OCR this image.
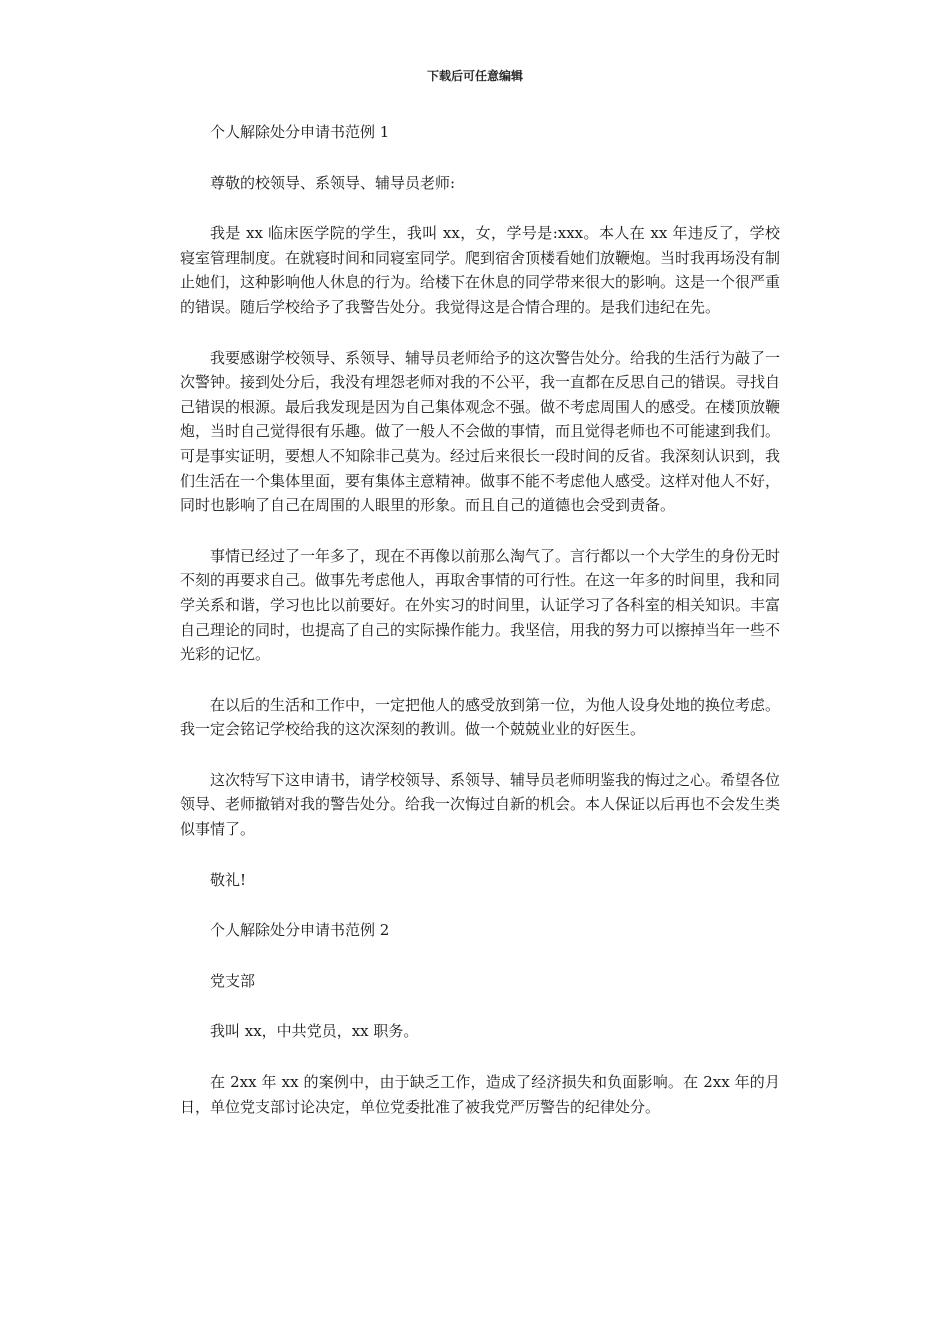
下载后可任意编辑

个人解除处分申请书范例 1

尊敬的校领导、系领导、辅导员老师:

我是 xx 临床医学院的学生，我叫 xx，女，学号是:xxx。本人在 xx 年违反了，学校寝室管理制度。在就寝时间和同寝室同学。爬到宿舍顶楼看她们放鞭炮。当时我再场没有制止她们，这种影响他人休息的行为。给楼下在休息的同学带来很大的影响。这是一个很严重的错误。随后学校给予了我警告处分。我觉得这是合情合理的。是我们违纪在先。

我要感谢学校领导、系领导、辅导员老师给予的这次警告处分。给我的生活行为敲了一次警钟。接到处分后，我没有埋怨老师对我的不公平，我一直都在反思自己的错误。寻找自己错误的根源。最后我发现是因为自己集体观念不强。做不考虑周围人的感受。在楼顶放鞭炮，当时自己觉得很有乐趣。做了一般人不会做的事情，而且觉得老师也不可能逮到我们。可是事实证明，要想人不知除非己莫为。经过后来很长一段时间的反省。我深刻认识到，我们生活在一个集体里面，要有集体主意精神。做事不能不考虑他人感受。这样对他人不好，同时也影响了自己在周围的人眼里的形象。而且自己的道德也会受到责备。

事情已经过了一年多了，现在不再像以前那么淘气了。言行都以一个大学生的身份无时不刻的再要求自己。做事先考虑他人，再取舍事情的可行性。在这一年多的时间里，我和同学关系和谐，学习也比以前要好。在外实习的时间里，认证学习了各科室的相关知识。丰富自己理论的同时，也提高了自己的实际操作能力。我坚信，用我的努力可以擦掉当年一些不光彩的记忆。

在以后的生活和工作中，一定把他人的感受放到第一位，为他人设身处地的换位考虑。我一定会铭记学校给我的这次深刻的教训。做一个兢兢业业的好医生。

这次特写下这申请书，请学校领导、系领导、辅导员老师明鉴我的悔过之心。希望各位领导、老师撤销对我的警告处分。给我一次悔过自新的机会。本人保证以后再也不会发生类似事情了。

敬礼!

个人解除处分申请书范例 2

党支部

我叫 xx，中共党员，xx 职务。

在 2xx 年 xx 的案例中，由于缺乏工作，造成了经济损失和负面影响。在 2xx 年的月日，单位党支部讨论决定，单位党委批准了被我党严厉警告的纪律处分。
